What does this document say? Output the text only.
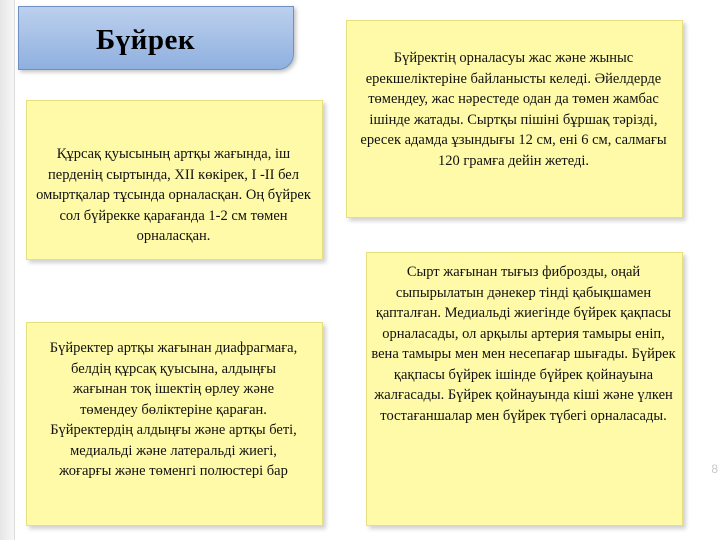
Бүйрек
Құрсақ қуысының артқы жағында, іш перденің сыртында, ХІІ көкірек, І -ІІ бел омыртқалар тұсында орналасқан. Оң бүйрек сол бүйрекке қарағанда 1-2 см төмен орналасқан.
Бүйректер артқы жағынан диафрагмаға, белдің құрсақ қуысына, алдыңғы жағынан тоқ ішектің өрлеу және төмендеу бөліктеріне қараған. Бүйректердің алдыңғы және артқы беті, медиальді және латеральді жиегі, жоғарғы және төменгі полюстері бар
Бүйректің орналасуы жас және жыныс ерекшеліктеріне байланысты келеді. Әйелдерде төмендеу, жас нәрестеде одан да төмен жамбас ішінде жатады. Сыртқы пішіні бұршақ тәрізді, ересек адамда ұзындығы 12 см, ені 6 см, салмағы 120 грамға дейін жетеді.
Сырт жағынан тығыз фиброзды, оңай сыпырылатын дәнекер тіндi қабықшамен қапталған. Медиальді жиегінде бүйрек қақпасы орналасады, ол арқылы артерия тамыры еніп, вена тамыры мен мен несепағар шығады. Бүйрек қақпасы бүйрек ішінде бүйрек қойнауына жалғасады. Бүйрек қойнауында кіші және үлкен тостағаншалар мен бүйрек түбегі орналасады.
8
